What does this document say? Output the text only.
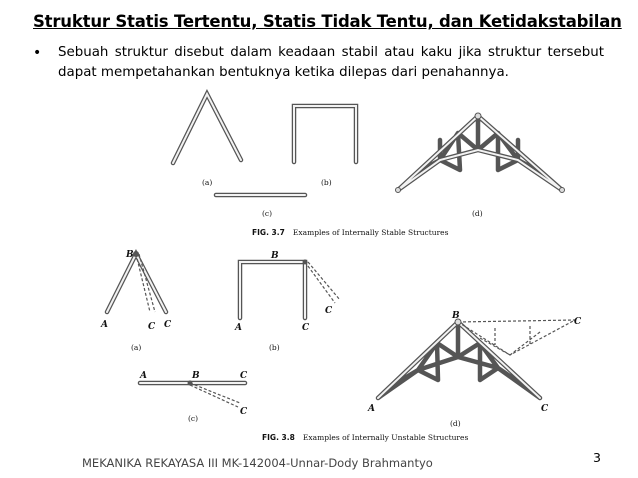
Struktur Statis Tertentu, Statis Tidak Tentu, dan Ketidakstabilan
• Sebuah struktur disebut dalam keadaan stabil atau kaku jika struktur tersebut dapat mempetahankan bentuknya ketika dilepas dari penahannya.
(a)	(b)
(c)	(d)
FIG. 3.7 Examples of Internally Stable Structures
B
A	C C
(a)
B
A	C
C
(b)
A	B	C
C
(c)
B
C
A	C
(d)
FIG. 3.8 Examples of Internally Unstable Structures
MEKANIKA REKAYASA III MK-142004-Unnar-Dody Brahmantyo	3
